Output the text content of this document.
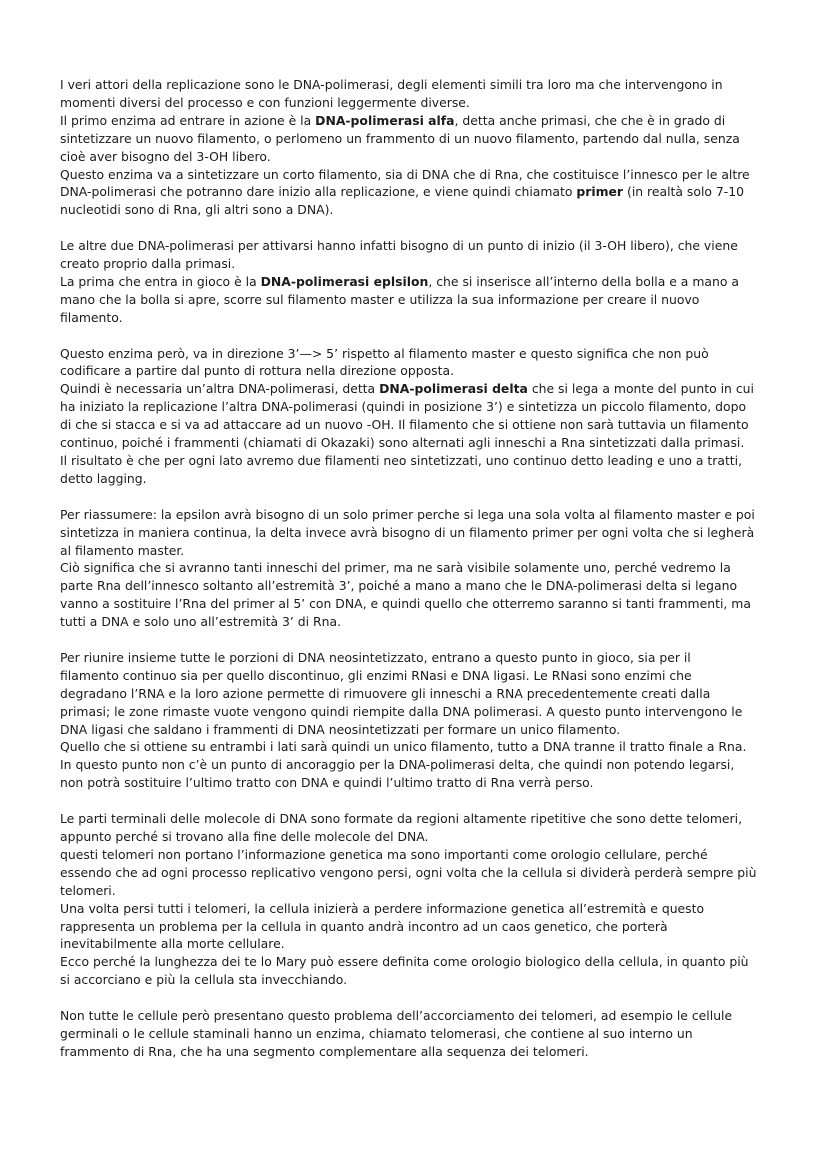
I veri attori della replicazione sono le DNA-polimerasi, degli elementi simili tra loro ma che intervengono in
momenti diversi del processo e con funzioni leggermente diverse.
Il primo enzima ad entrare in azione è la DNA-polimerasi alfa, detta anche primasi, che che è in grado di
sintetizzare un nuovo filamento, o perlomeno un frammento di un nuovo filamento, partendo dal nulla, senza
cioè aver bisogno del 3-OH libero.
Questo enzima va a sintetizzare un corto filamento, sia di DNA che di Rna, che costituisce l’innesco per le altre
DNA-polimerasi che potranno dare inizio alla replicazione, e viene quindi chiamato primer (in realtà solo 7-10
nucleotidi sono di Rna, gli altri sono a DNA).
Le altre due DNA-polimerasi per attivarsi hanno infatti bisogno di un punto di inizio (il 3-OH libero), che viene
creato proprio dalla primasi.
La prima che entra in gioco è la DNA-polimerasi eplsilon, che si inserisce all’interno della bolla e a mano a
mano che la bolla si apre, scorre sul filamento master e utilizza la sua informazione per creare il nuovo
filamento.
Questo enzima però, va in direzione 3’—> 5’ rispetto al filamento master e questo significa che non può
codificare a partire dal punto di rottura nella direzione opposta.
Quindi è necessaria un’altra DNA-polimerasi, detta DNA-polimerasi delta che si lega a monte del punto in cui
ha iniziato la replicazione l’altra DNA-polimerasi (quindi in posizione 3’) e sintetizza un piccolo filamento, dopo
di che si stacca e si va ad attaccare ad un nuovo -OH. Il filamento che si ottiene non sarà tuttavia un filamento
continuo, poiché i frammenti (chiamati di Okazaki) sono alternati agli inneschi a Rna sintetizzati dalla primasi.
Il risultato è che per ogni lato avremo due filamenti neo sintetizzati, uno continuo detto leading e uno a tratti,
detto lagging.
Per riassumere: la epsilon avrà bisogno di un solo primer perche si lega una sola volta al filamento master e poi
sintetizza in maniera continua, la delta invece avrà bisogno di un filamento primer per ogni volta che si legherà
al filamento master.
Ciò significa che si avranno tanti inneschi del primer, ma ne sarà visibile solamente uno, perché vedremo la
parte Rna dell’innesco soltanto all’estremità 3’, poiché a mano a mano che le DNA-polimerasi delta si legano
vanno a sostituire l’Rna del primer al 5’ con DNA, e quindi quello che otterremo saranno si tanti frammenti, ma
tutti a DNA e solo uno all’estremità 3’ di Rna.
Per riunire insieme tutte le porzioni di DNA neosintetizzato, entrano a questo punto in gioco, sia per il
filamento continuo sia per quello discontinuo, gli enzimi RNasi e DNA ligasi. Le RNasi sono enzimi che
degradano l’RNA e la loro azione permette di rimuovere gli inneschi a RNA precedentemente creati dalla
primasi; le zone rimaste vuote vengono quindi riempite dalla DNA polimerasi. A questo punto intervengono le
DNA ligasi che saldano i frammenti di DNA neosintetizzati per formare un unico filamento.
Quello che si ottiene su entrambi i lati sarà quindi un unico filamento, tutto a DNA tranne il tratto finale a Rna.
In questo punto non c’è un punto di ancoraggio per la DNA-polimerasi delta, che quindi non potendo legarsi,
non potrà sostituire l’ultimo tratto con DNA e quindi l’ultimo tratto di Rna verrà perso.
Le parti terminali delle molecole di DNA sono formate da regioni altamente ripetitive che sono dette telomeri,
appunto perché si trovano alla fine delle molecole del DNA.
questi telomeri non portano l’informazione genetica ma sono importanti come orologio cellulare, perché
essendo che ad ogni processo replicativo vengono persi, ogni volta che la cellula si dividerà perderà sempre più
telomeri.
Una volta persi tutti i telomeri, la cellula inizierà a perdere informazione genetica all’estremità e questo
rappresenta un problema per la cellula in quanto andrà incontro ad un caos genetico, che porterà
inevitabilmente alla morte cellulare.
Ecco perché la lunghezza dei te lo Mary può essere definita come orologio biologico della cellula, in quanto più
si accorciano e più la cellula sta invecchiando.
Non tutte le cellule però presentano questo problema dell’accorciamento dei telomeri, ad esempio le cellule
germinali o le cellule staminali hanno un enzima, chiamato telomerasi, che contiene al suo interno un
frammento di Rna, che ha una segmento complementare alla sequenza dei telomeri.
